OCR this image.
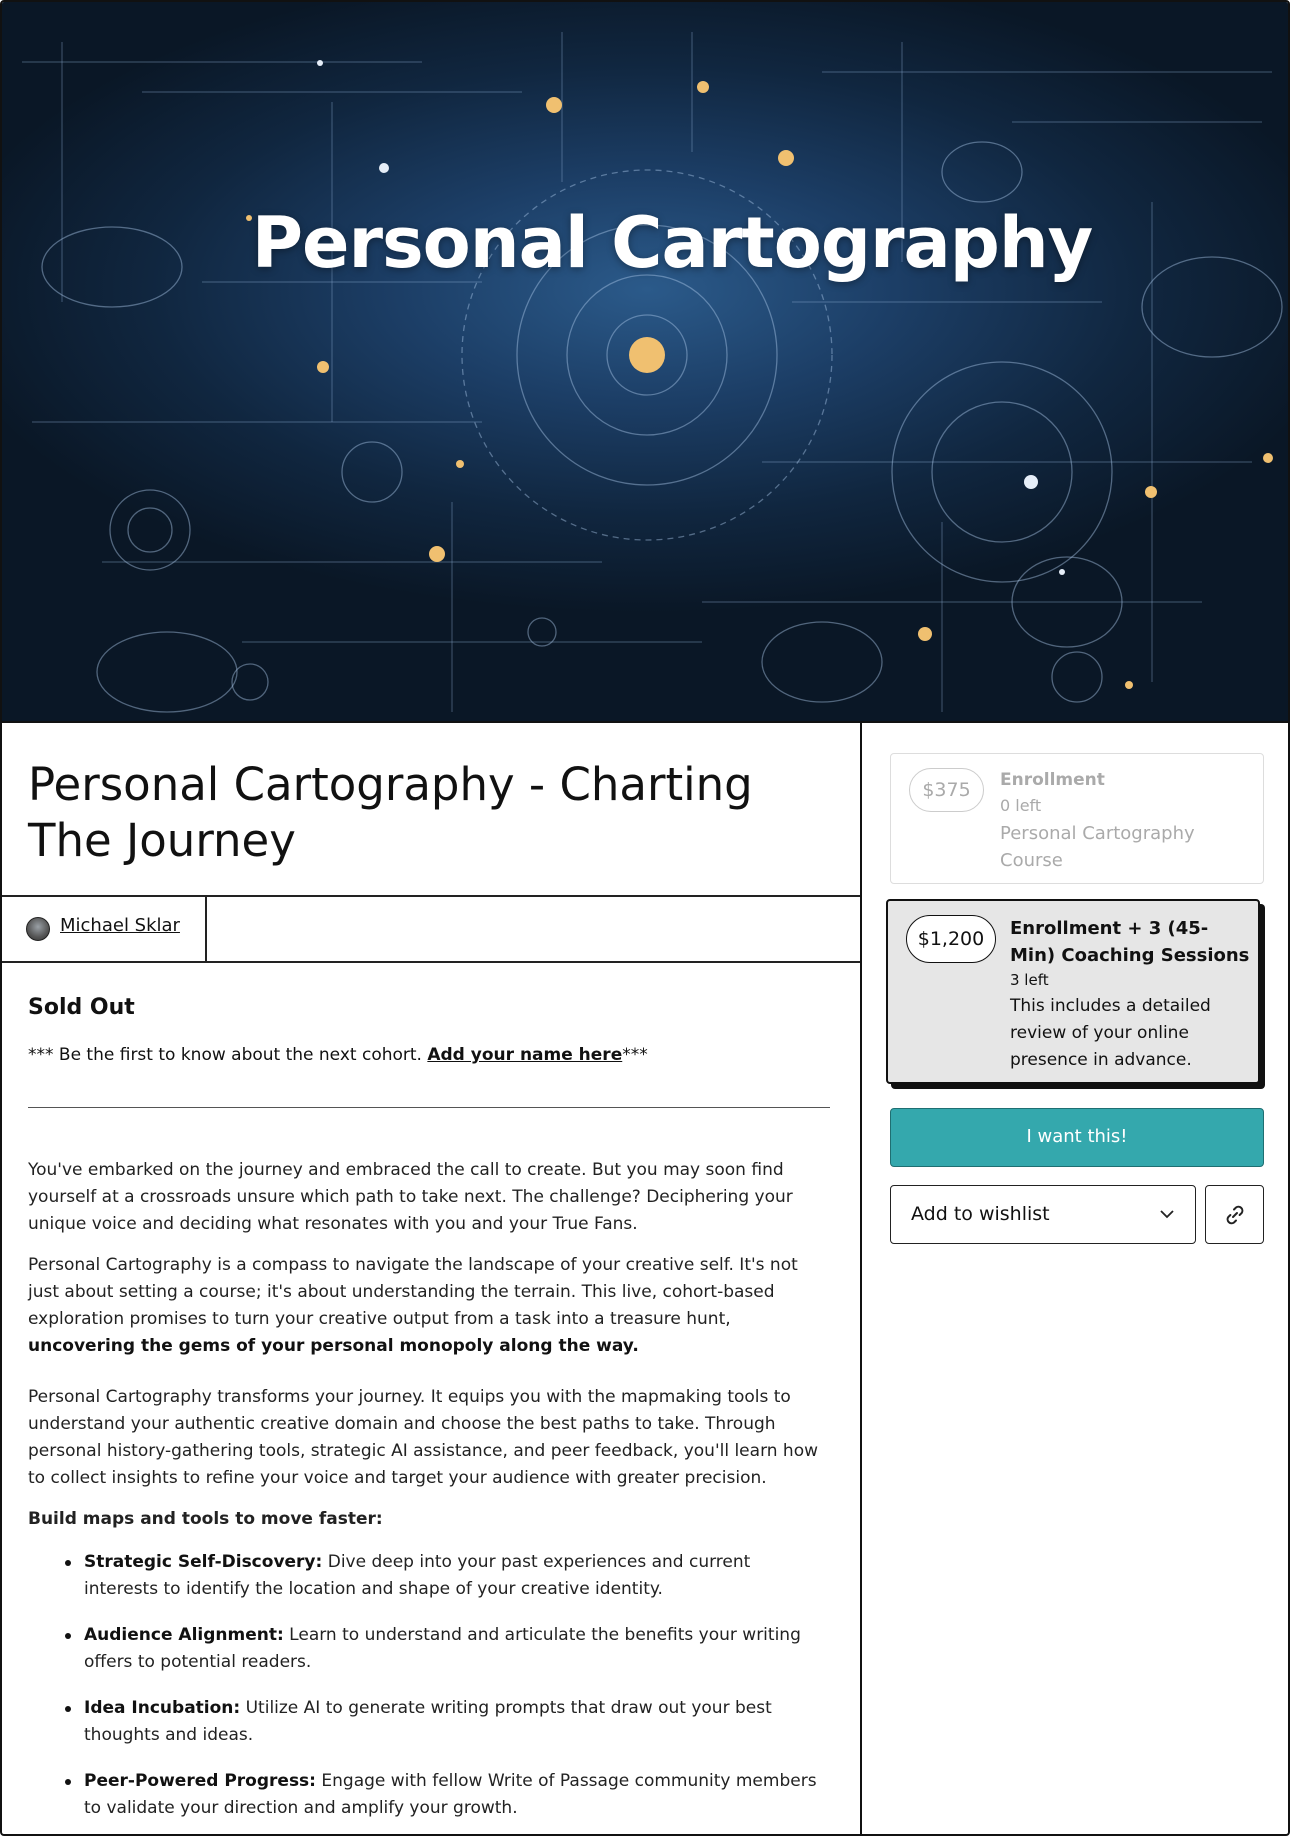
Personal Cartography
Personal Cartography - Charting The Journey
Michael Sklar
Sold Out
*** Be the first to know about the next cohort. Add your name here***

You've embarked on the journey and embraced the call to create. But you may soon find yourself at a crossroads unsure which path to take next. The challenge? Deciphering your unique voice and deciding what resonates with you and your True Fans.

Personal Cartography is a compass to navigate the landscape of your creative self. It's not just about setting a course; it's about understanding the terrain. This live, cohort-based exploration promises to turn your creative output from a task into a treasure hunt, uncovering the gems of your personal monopoly along the way.

Personal Cartography transforms your journey. It equips you with the mapmaking tools to understand your authentic creative domain and choose the best paths to take. Through personal history-gathering tools, strategic AI assistance, and peer feedback, you'll learn how to collect insights to refine your voice and target your audience with greater precision.

Build maps and tools to move faster:

Strategic Self-Discovery: Dive deep into your past experiences and current interests to identify the location and shape of your creative identity.
Audience Alignment: Learn to understand and articulate the benefits your writing offers to potential readers.
Idea Incubation: Utilize AI to generate writing prompts that draw out your best thoughts and ideas.
Peer-Powered Progress: Engage with fellow Write of Passage community members to validate your direction and amplify your growth.
$375	Enrollment
0 left
Personal Cartography Course
$1,200	Enrollment + 3 (45-Min) Coaching Sessions
3 left
This includes a detailed review of your online presence in advance.
I want this!
Add to wishlist
